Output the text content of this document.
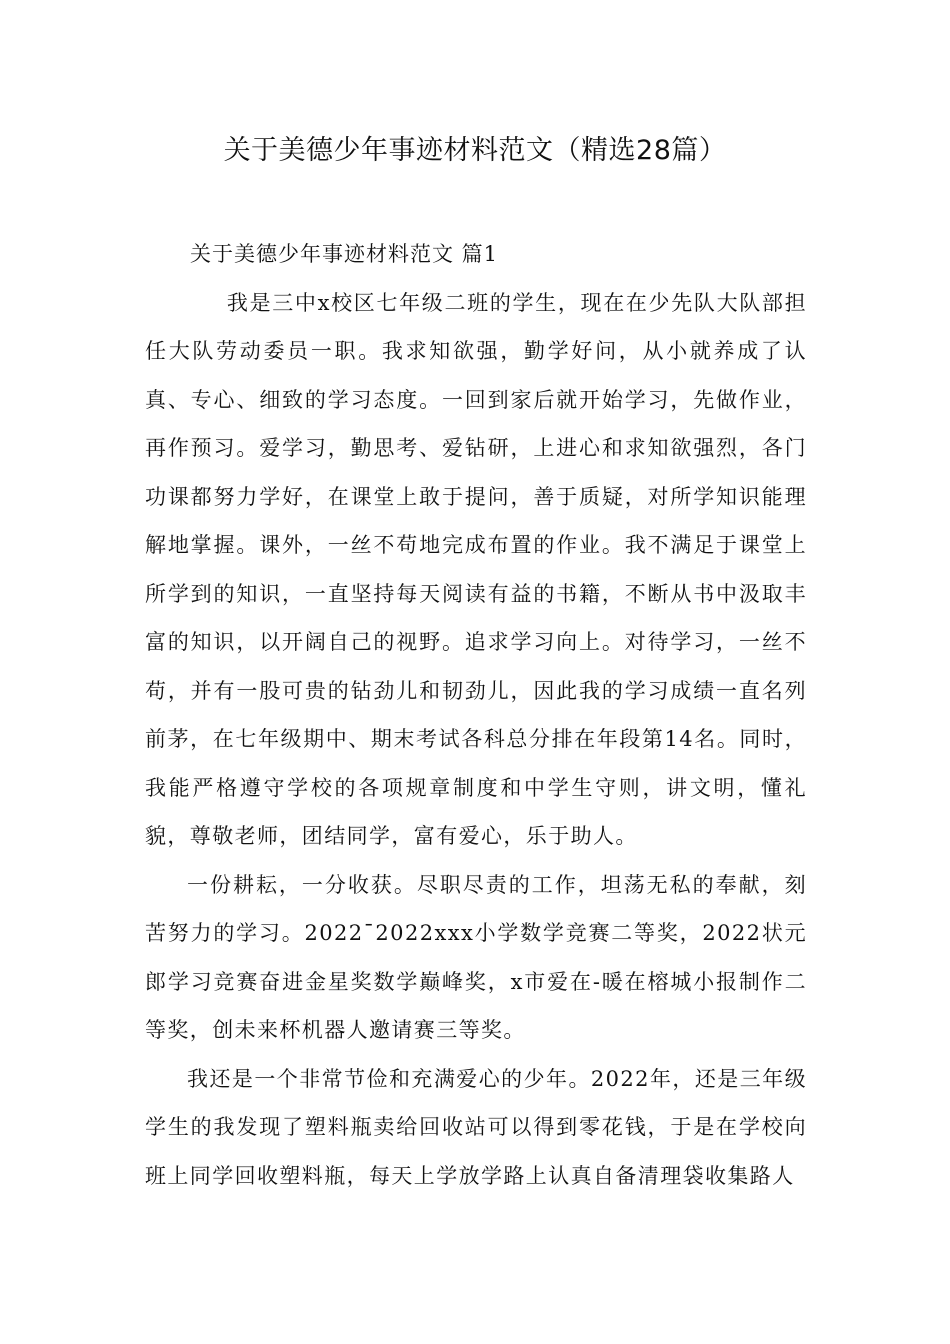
关于美德少年事迹材料范文（精选28篇）

关于美德少年事迹材料范文 篇1

我是三中x校区七年级二班的学生，现在在少先队大队部担任大队劳动委员一职。我求知欲强，勤学好问，从小就养成了认真、专心、细致的学习态度。一回到家后就开始学习，先做作业，再作预习。爱学习，勤思考、爱钻研，上进心和求知欲强烈，各门功课都努力学好，在课堂上敢于提问，善于质疑，对所学知识能理解地掌握。课外，一丝不苟地完成布置的作业。我不满足于课堂上所学到的知识，一直坚持每天阅读有益的书籍，不断从书中汲取丰富的知识，以开阔自己的视野。追求学习向上。对待学习，一丝不苟，并有一股可贵的钻劲儿和韧劲儿，因此我的学习成绩一直名列前茅，在七年级期中、期末考试各科总分排在年段第14名。同时，我能严格遵守学校的各项规章制度和中学生守则，讲文明，懂礼貌，尊敬老师，团结同学，富有爱心，乐于助人。

一份耕耘，一分收获。尽职尽责的工作，坦荡无私的奉献，刻苦努力的学习。2022¯2022xxx小学数学竞赛二等奖，2022状元郎学习竞赛奋进金星奖数学巅峰奖，x市爱在-暖在榕城小报制作二等奖，创未来杯机器人邀请赛三等奖。

我还是一个非常节俭和充满爱心的少年。2022年，还是三年级学生的我发现了塑料瓶卖给回收站可以得到零花钱，于是在学校向班上同学回收塑料瓶，每天上学放学路上认真自备清理袋收集路人
